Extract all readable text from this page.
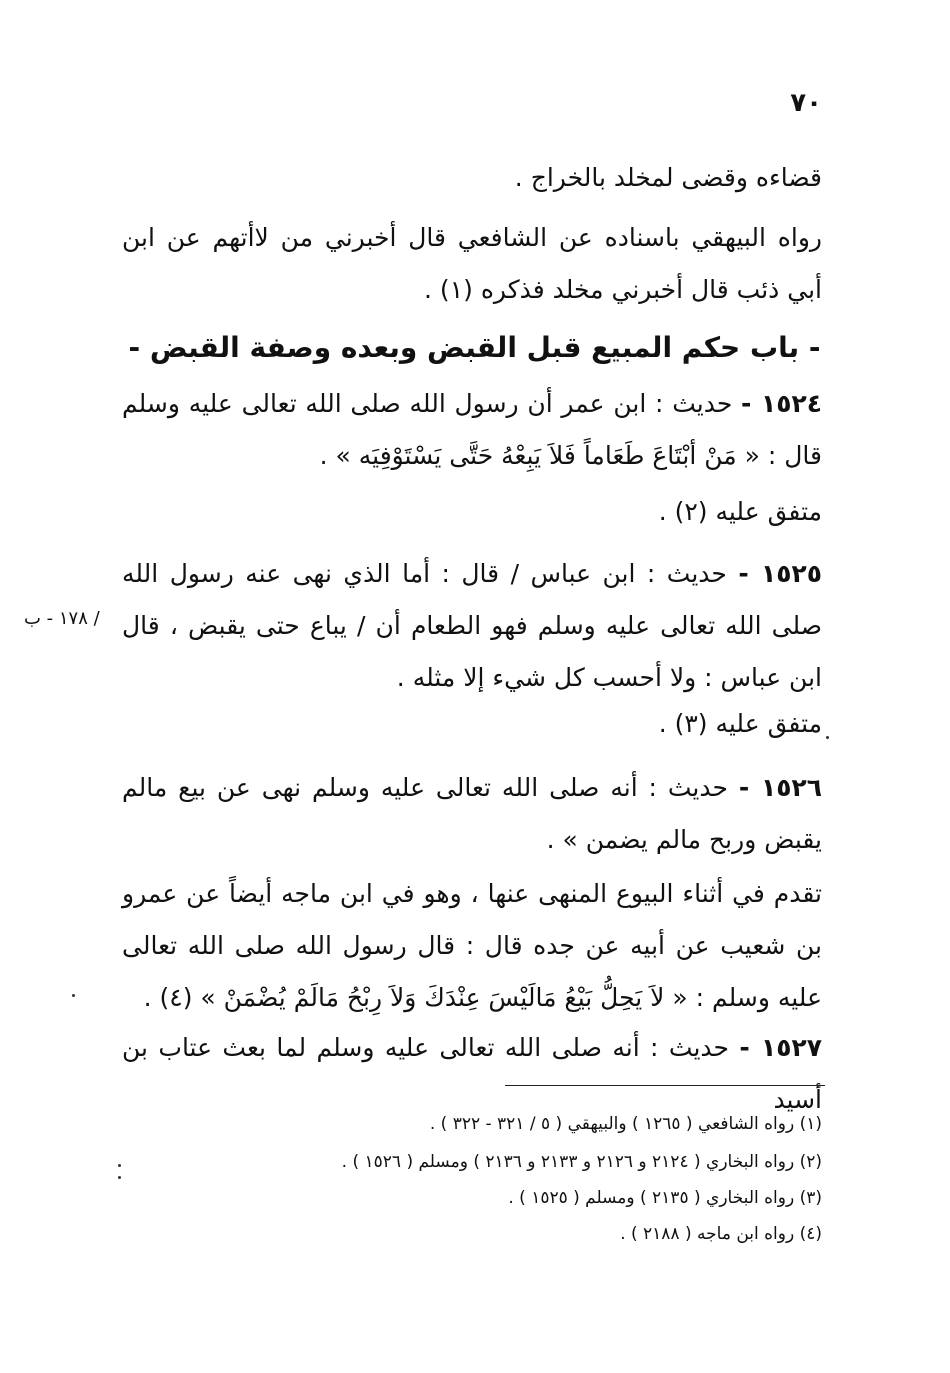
٧٠
قضاءه وقضى لمخلد بالخراج .
رواه البيهقي باسناده عن الشافعي قال أخبرني من لاأتهم عن ابن أبي ذئب قال أخبرني مخلد فذكره (١) .
- باب حكم المبيع قبل القبض وبعده وصفة القبض -
١٥٢٤ - حديث : ابن عمر أن رسول الله صلى الله تعالى عليه وسلم قال : « مَنْ أبْتَاعَ طَعَاماً فَلاَ يَبِعْهُ حَتَّى يَسْتَوْفِيَه » .
متفق عليه (٢) .
١٥٢٥ - حديث : ابن عباس / قال : أما الذي نهى عنه رسول الله صلى الله تعالى عليه وسلم فهو الطعام أن / يباع حتى يقبض ، قال ابن عباس : ولا أحسب كل شيء إلا مثله .
/ ١٧٨ - ب
متفق عليه (٣) .
١٥٢٦ - حديث : أنه صلى الله تعالى عليه وسلم نهى عن بيع مالم يقبض وربح مالم يضمن » .
تقدم في أثناء البيوع المنهى عنها ، وهو في ابن ماجه أيضاً عن عمرو بن شعيب عن أبيه عن جده قال : قال رسول الله صلى الله تعالى عليه وسلم : « لاَ يَحِلُّ بَيْعُ مَالَيْسَ عِنْدَكَ وَلاَ رِبْحُ مَالَمْ يُضْمَنْ » (٤) .
١٥٢٧ - حديث : أنه صلى الله تعالى عليه وسلم لما بعث عتاب بن أسيد
(١) رواه الشافعي ( ١٢٦٥ ) والبيهقي ( ٥ / ٣٢١ - ٣٢٢ ) .
(٢) رواه البخاري ( ٢١٢٤ و ٢١٢٦ و ٢١٣٣ و ٢١٣٦ ) ومسلم ( ١٥٢٦ ) .
(٣) رواه البخاري ( ٢١٣٥ ) ومسلم ( ١٥٢٥ ) .
(٤) رواه ابن ماجه ( ٢١٨٨ ) .
